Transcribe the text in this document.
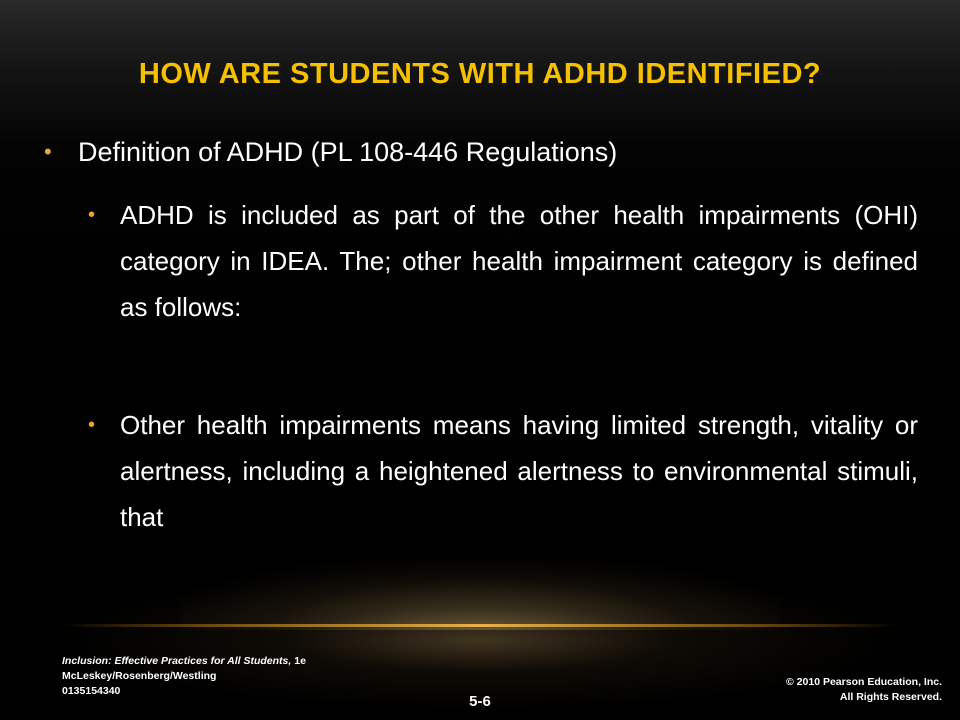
HOW ARE STUDENTS WITH ADHD IDENTIFIED?
• Definition of ADHD (PL 108-446 Regulations)
• ADHD is included as part of the other health impairments (OHI) category in IDEA. The; other health impairment category is defined as follows:
• Other health impairments means having limited strength, vitality or alertness, including a heightened alertness to environmental stimuli, that
Inclusion: Effective Practices for All Students, 1e
McLeskey/Rosenberg/Westling
0135154340
© 2010 Pearson Education, Inc.
All Rights Reserved.
5-6
